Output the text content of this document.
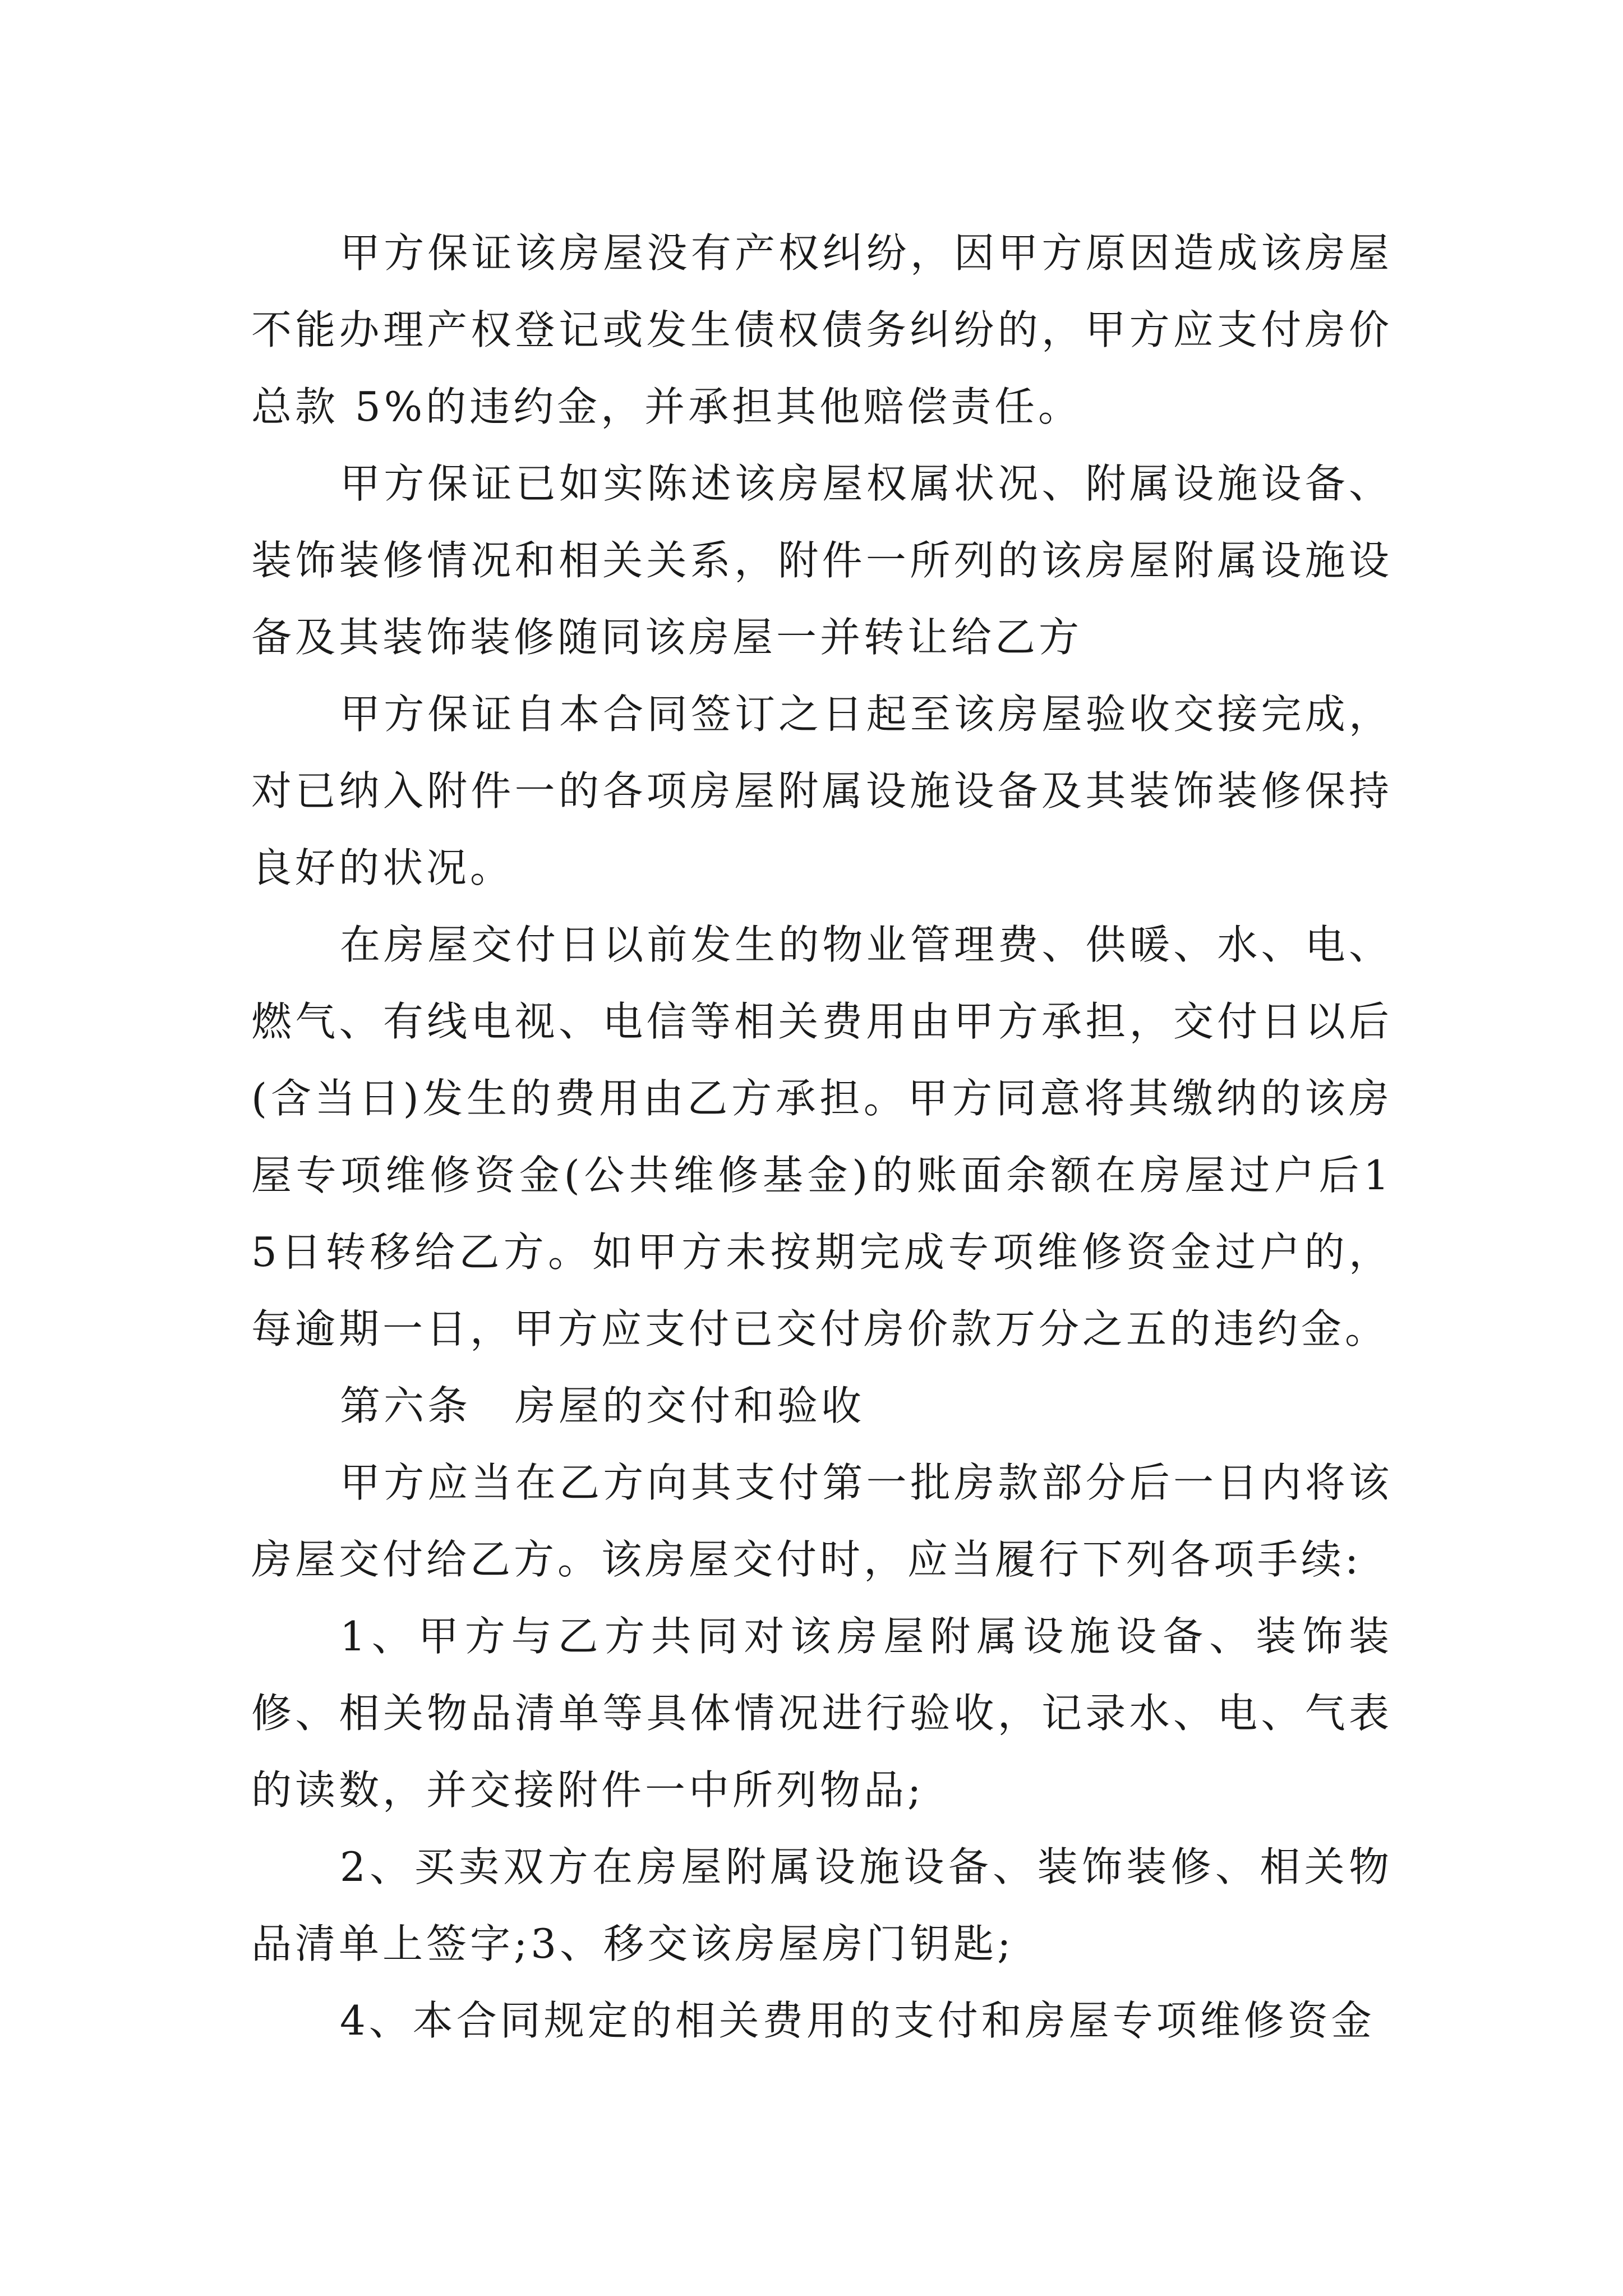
甲方保证该房屋没有产权纠纷，因甲方原因造成该房屋不能办理产权登记或发生债权债务纠纷的，甲方应支付房价总款 5%的违约金，并承担其他赔偿责任。

甲方保证已如实陈述该房屋权属状况、附属设施设备、装饰装修情况和相关关系，附件一所列的该房屋附属设施设备及其装饰装修随同该房屋一并转让给乙方

甲方保证自本合同签订之日起至该房屋验收交接完成，对已纳入附件一的各项房屋附属设施设备及其装饰装修保持良好的状况。

在房屋交付日以前发生的物业管理费、供暖、水、电、燃气、有线电视、电信等相关费用由甲方承担，交付日以后(含当日)发生的费用由乙方承担。甲方同意将其缴纳的该房屋专项维修资金(公共维修基金)的账面余额在房屋过户后15日转移给乙方。如甲方未按期完成专项维修资金过户的，每逾期一日，甲方应支付已交付房价款万分之五的违约金。

第六条　房屋的交付和验收

甲方应当在乙方向其支付第一批房款部分后一日内将该房屋交付给乙方。该房屋交付时，应当履行下列各项手续:

1、甲方与乙方共同对该房屋附属设施设备、装饰装修、相关物品清单等具体情况进行验收，记录水、电、气表的读数，并交接附件一中所列物品;

2、买卖双方在房屋附属设施设备、装饰装修、相关物品清单上签字;3、移交该房屋房门钥匙;

4、本合同规定的相关费用的支付和房屋专项维修资金
